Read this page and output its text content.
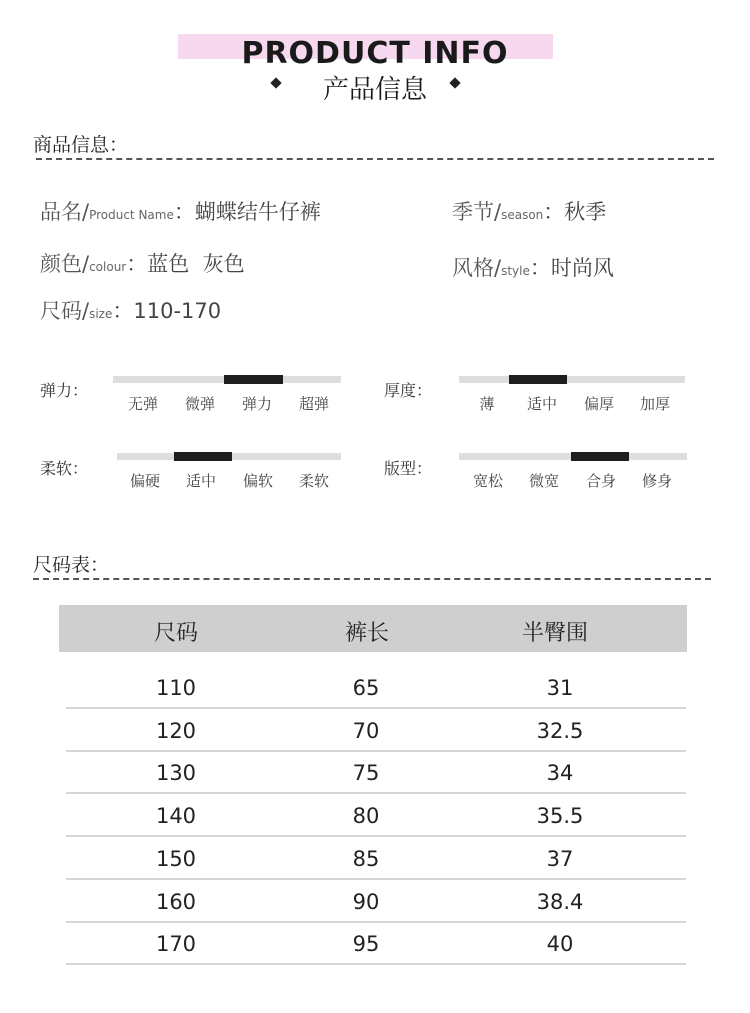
PRODUCT INFO
产品信息
商品信息：
品名/Product Name：蝴蝶结牛仔裤	季节/season：秋季
颜色/colour：蓝色  灰色	风格/style：时尚风
尺码/size：110-170
弹力：
无弹	微弹	弹力	超弹
厚度：
薄	适中	偏厚	加厚
柔软：
偏硬	适中	偏软	柔软
版型：
宽松	微宽	合身	修身
尺码表：
尺码	裤长	半臀围
110	65	31
120	70	32.5
130	75	34
140	80	35.5
150	85	37
160	90	38.4
170	95	40
